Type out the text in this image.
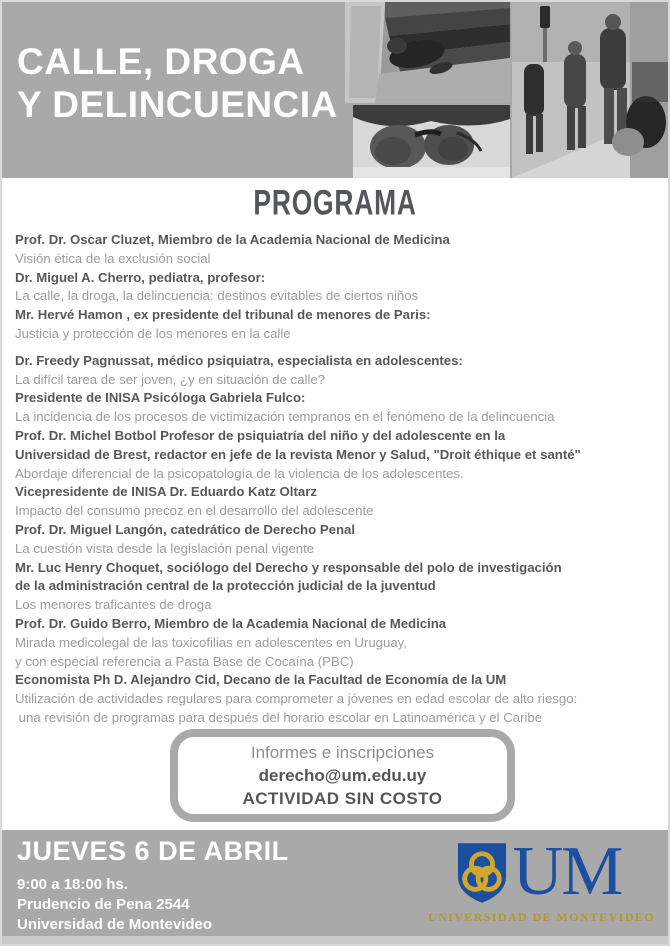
CALLE, DROGA
Y DELINCUENCIA
PROGRAMA
Prof. Dr. Oscar Cluzet, Miembro de la Academia Nacional de Medicina
Visión ética de la exclusión social
Dr. Miguel A. Cherro, pediatra, profesor:
La calle, la droga, la delincuencia: destinos evitables de ciertos niños
Mr. Hervé Hamon , ex presidente del tribunal de menores de Paris:
Justicia y protección de los menores en la calle
Dr. Freedy Pagnussat, médico psiquiatra, especialista en adolescentes:
La difícil tarea de ser joven, ¿y en situación de calle?
Presidente de INISA Psicóloga Gabriela Fulco:
La incidencia de los procesos de victimización tempranos en el fenómeno de la delincuencia
Prof. Dr. Michel Botbol Profesor de psiquiatría del niño y del adolescente en la
Universidad de Brest, redactor en jefe de la revista Menor y Salud, "Droit éthique et santé"
Abordaje diferencial de la psicopatología de la violencia de los adolescentes.
Vicepresidente de INISA Dr. Eduardo Katz Oltarz
Impacto del consumo precoz en el desarrollo del adolescente
Prof. Dr. Miguel Langón, catedrático de Derecho Penal
La cuestión vista desde la legislación penal vigente
Mr. Luc Henry Choquet, sociólogo del Derecho y responsable del polo de investigación
de la administración central de la protección judicial de la juventud
Los menores traficantes de droga
Prof. Dr. Guido Berro, Miembro de la Academia Nacional de Medicina
Mirada medicolegal de las toxicofilias en adolescentes en Uruguay,
y con especial referencia a Pasta Base de Cocaína (PBC)
Economista Ph D. Alejandro Cid, Decano de la Facultad de Economía de la UM
Utilización de actividades regulares para comprometer a jóvenes en edad escolar de alto riesgo:
una revisión de programas para después del horario escolar en Latinoamérica y el Caribe
Informes e inscripciones
derecho@um.edu.uy
ACTIVIDAD SIN COSTO
JUEVES 6 DE ABRIL
9:00 a 18:00 hs.
Prudencio de Pena 2544
Universidad de Montevideo
UM
UNIVERSIDAD DE MONTEVIDEO
